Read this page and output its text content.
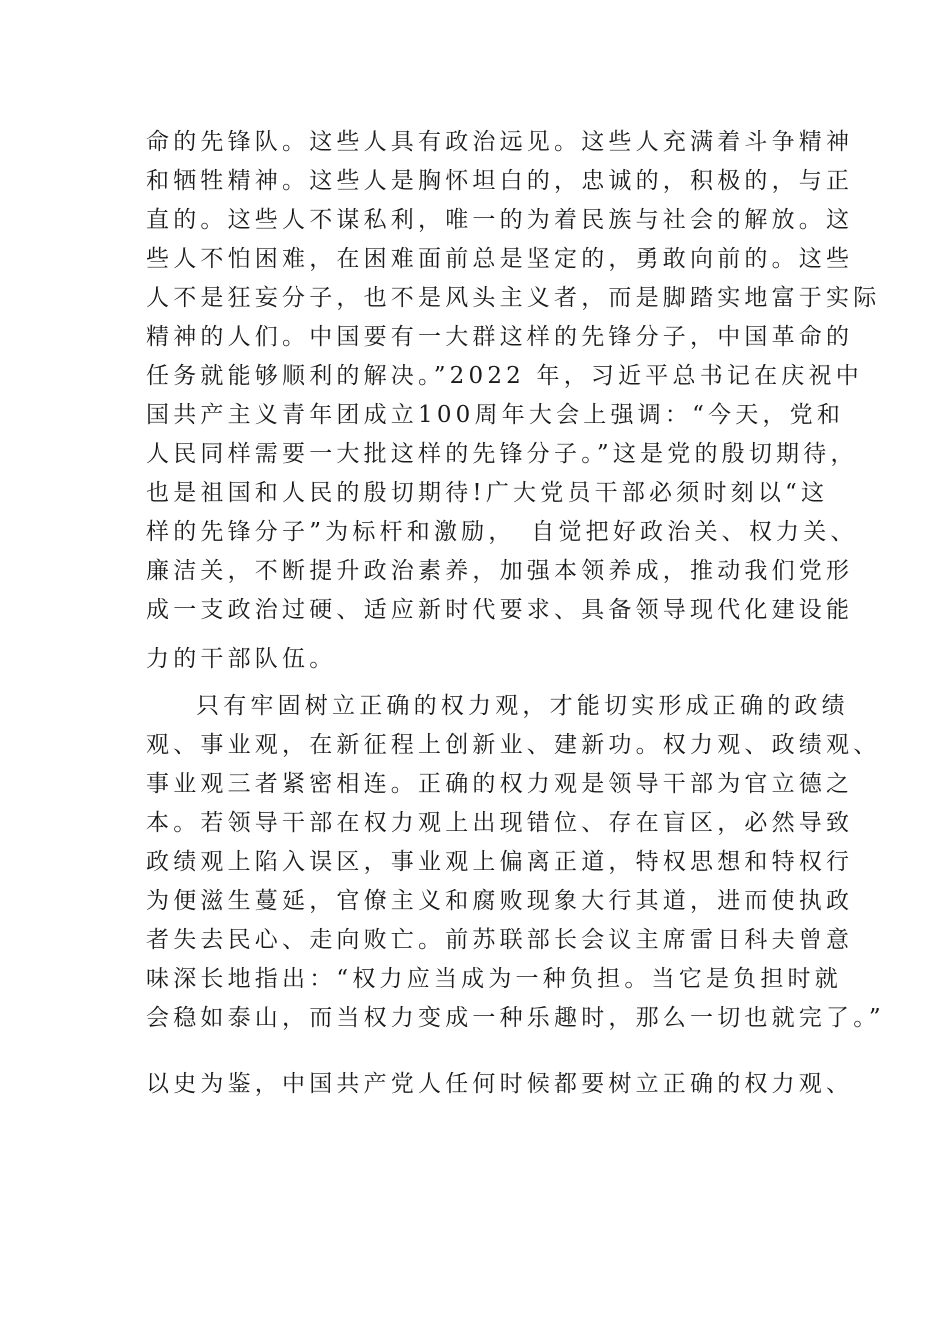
命的先锋队。这些人具有政治远见。这些人充满着斗争精神

和牺牲精神。这些人是胸怀坦白的，忠诚的，积极的，与正

直的。这些人不谋私利，唯一的为着民族与社会的解放。这

些人不怕困难，在困难面前总是坚定的，勇敢向前的。这些

人不是狂妄分子，也不是风头主义者，而是脚踏实地富于实际

精神的人们。中国要有一大群这样的先锋分子，中国革命的

任务就能够顺利的解决。”2022 年，习近平总书记在庆祝中

国共产主义青年团成立100周年大会上强调：“今天，党和

人民同样需要一大批这样的先锋分子。”这是党的殷切期待，

也是祖国和人民的殷切期待!广大党员干部必须时刻以“这

样的先锋分子”为标杆和激励，　自觉把好政治关、权力关、

廉洁关，不断提升政治素养，加强本领养成，推动我们党形

成一支政治过硬、适应新时代要求、具备领导现代化建设能

力的干部队伍。

只有牢固树立正确的权力观，才能切实形成正确的政绩

观、事业观，在新征程上创新业、建新功。权力观、政绩观、

事业观三者紧密相连。正确的权力观是领导干部为官立德之

本。若领导干部在权力观上出现错位、存在盲区，必然导致

政绩观上陷入误区，事业观上偏离正道，特权思想和特权行

为便滋生蔓延，官僚主义和腐败现象大行其道，进而使执政

者失去民心、走向败亡。前苏联部长会议主席雷日科夫曾意

味深长地指出：“权力应当成为一种负担。当它是负担时就

会稳如泰山，而当权力变成一种乐趣时，那么一切也就完了。”

以史为鉴，中国共产党人任何时候都要树立正确的权力观、
